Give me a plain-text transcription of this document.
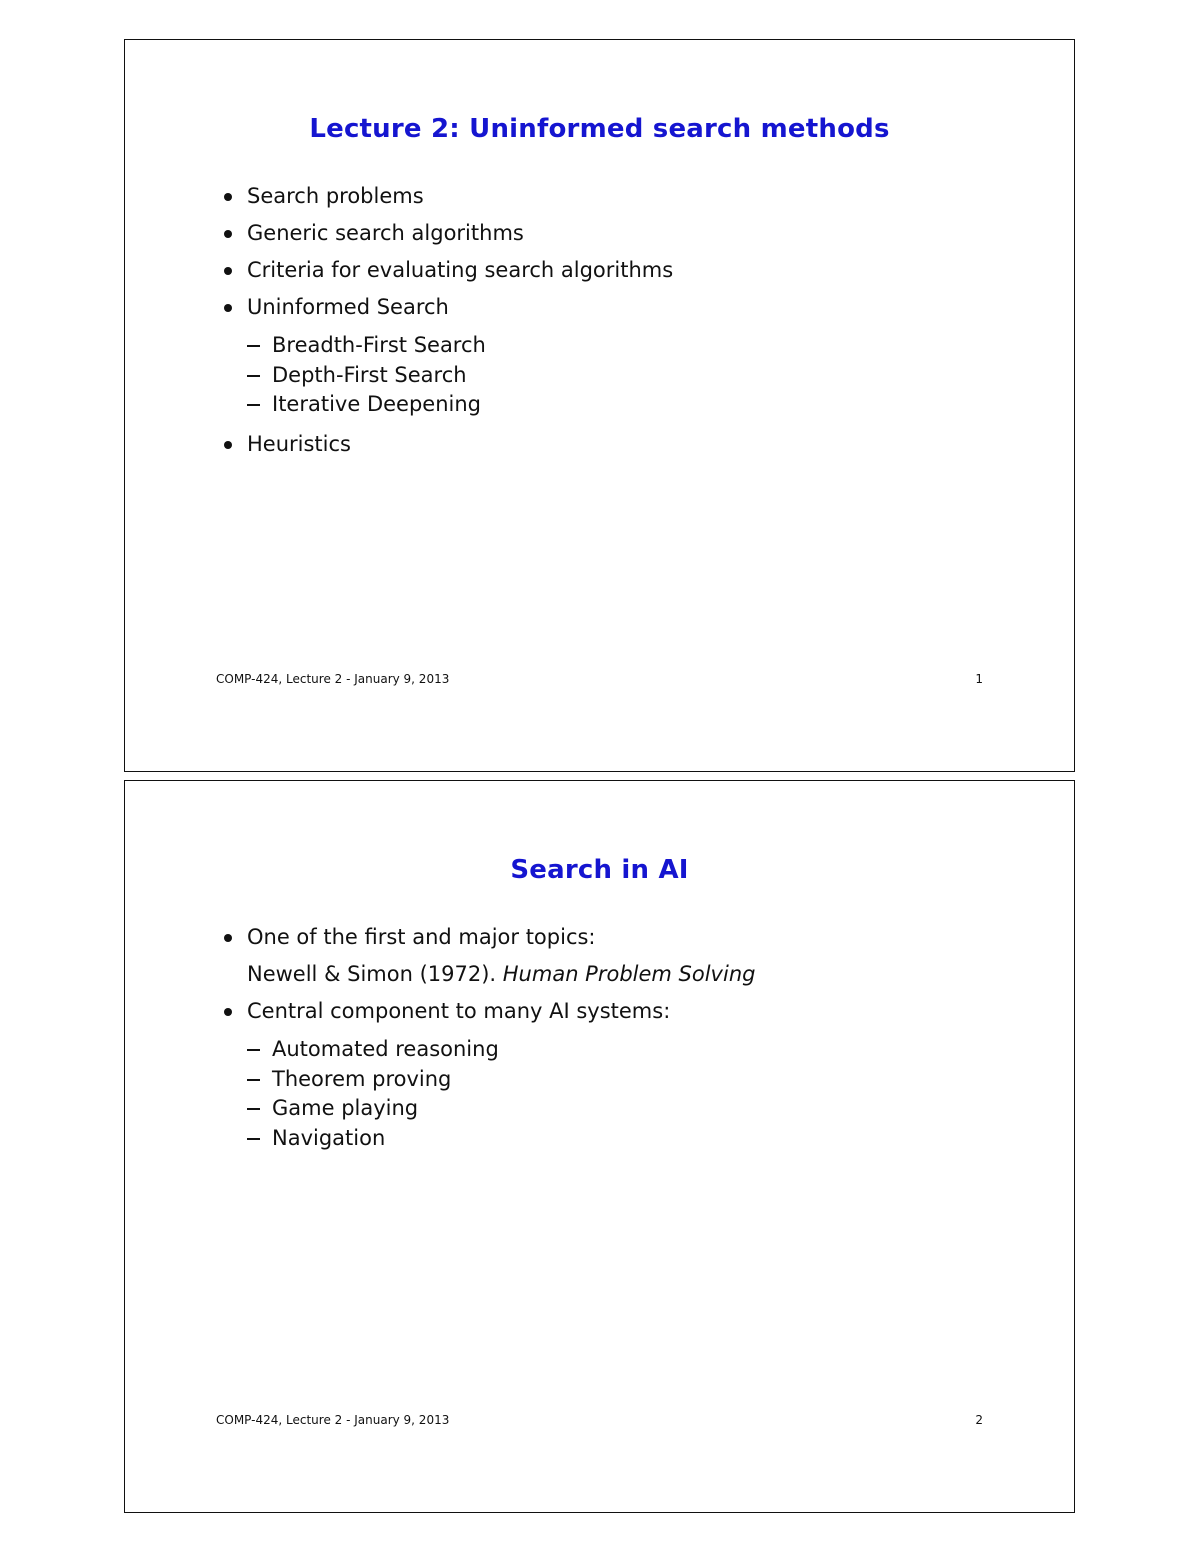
Lecture 2: Uninformed search methods
Search problems
Generic search algorithms
Criteria for evaluating search algorithms
Uninformed Search
Breadth-First Search
Depth-First Search
Iterative Deepening
Heuristics
COMP-424, Lecture 2 - January 9, 2013	1
Search in AI
One of the first and major topics:
Newell & Simon (1972). Human Problem Solving
Central component to many AI systems:
Automated reasoning
Theorem proving
Game playing
Navigation
COMP-424, Lecture 2 - January 9, 2013	2
